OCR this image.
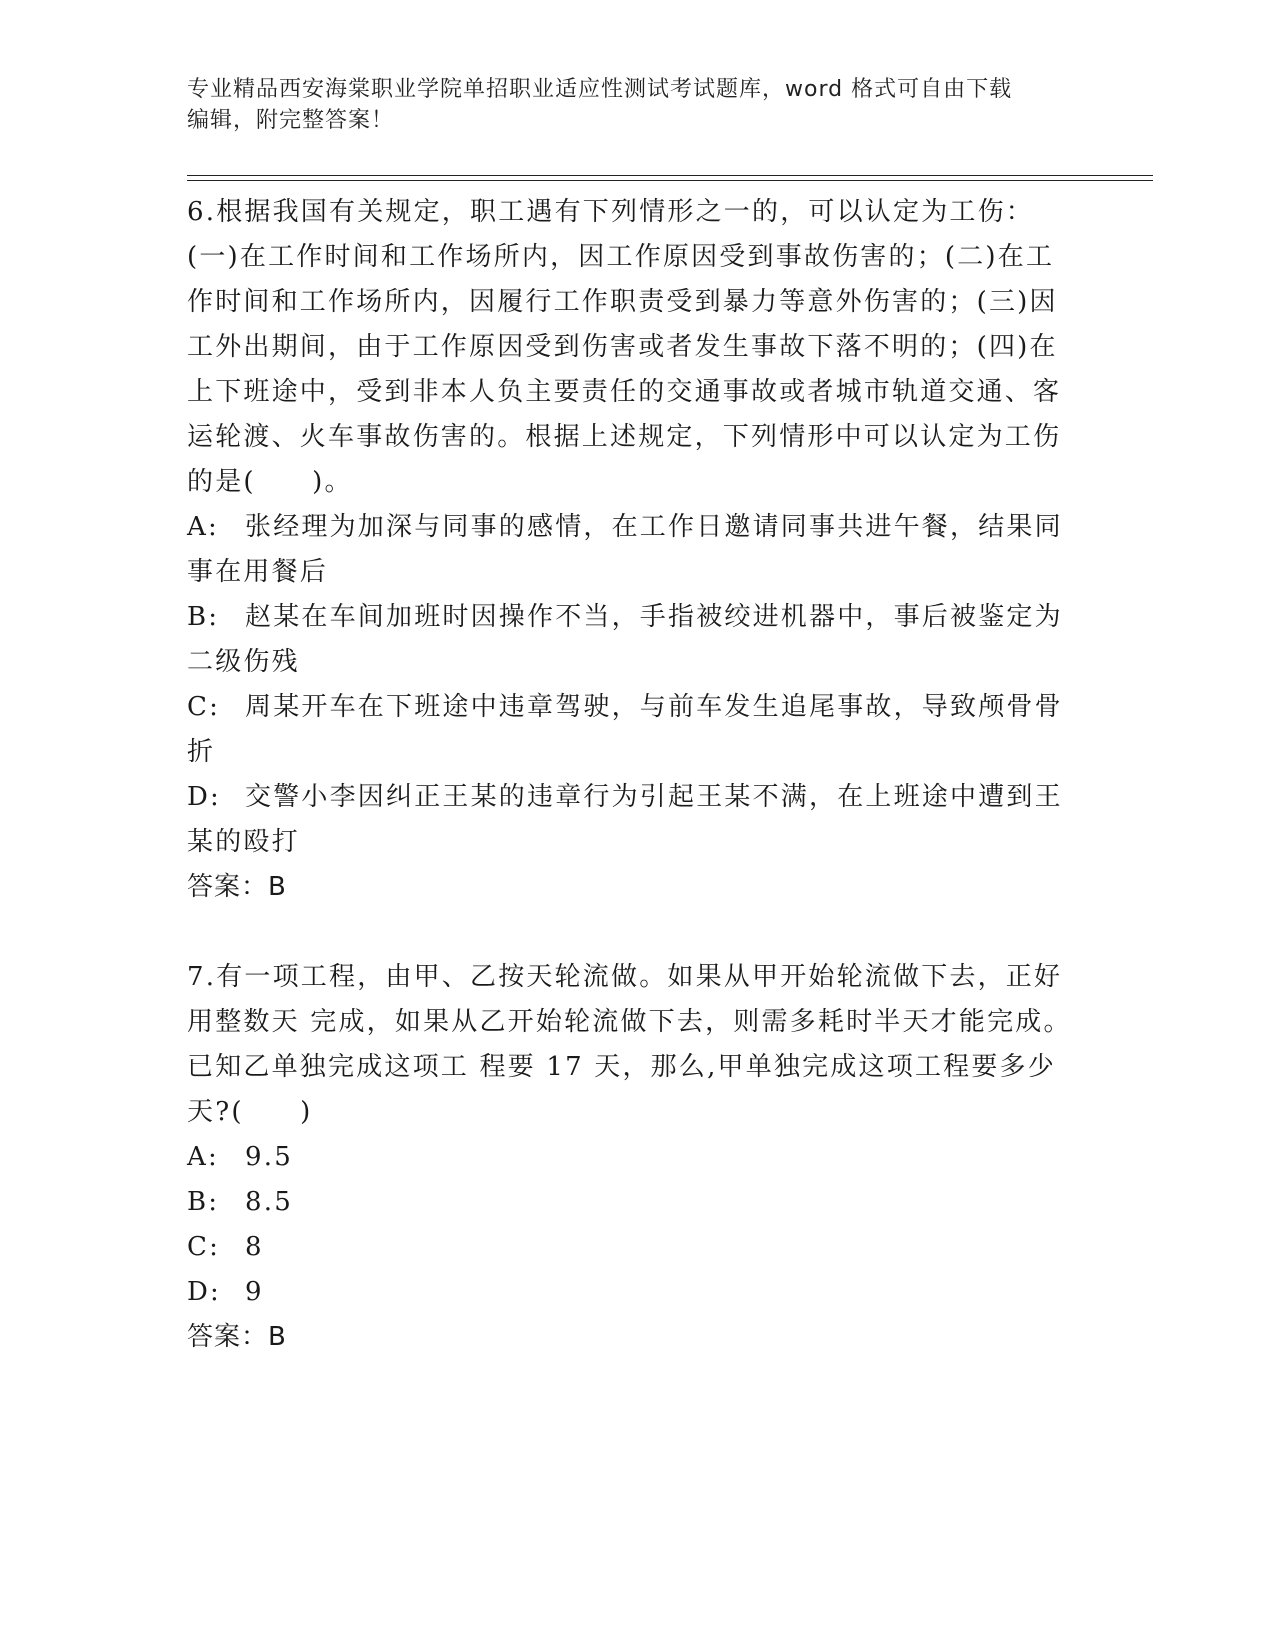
专业精品西安海棠职业学院单招职业适应性测试考试题库，word 格式可自由下载
编辑，附完整答案！

6.根据我国有关规定，职工遇有下列情形之一的，可以认定为工伤：(一)在工作时间和工作场所内，因工作原因受到事故伤害的；(二)在工作时间和工作场所内，因履行工作职责受到暴力等意外伤害的；(三)因工外出期间，由于工作原因受到伤害或者发生事故下落不明的；(四)在上下班途中，受到非本人负主要责任的交通事故或者城市轨道交通、客运轮渡、火车事故伤害的。根据上述规定，下列情形中可以认定为工伤的是(　　)。

A:	张经理为加深与同事的感情，在工作日邀请同事共进午餐，结果同事在用餐后
B: 赵某在车间加班时因操作不当，手指被绞进机器中，事后被鉴定为二级伤残
C: 周某开车在下班途中违章驾驶，与前车发生追尾事故，导致颅骨骨折
D: 交警小李因纠正王某的违章行为引起王某不满，在上班途中遭到王某的殴打

答案：B

7.有一项工程，由甲、乙按天轮流做。如果从甲开始轮流做下去，正好用整数天 完成，如果从乙开始轮流做下去，则需多耗时半天才能完成。已知乙单独完成这项工 程要 17 天，那么,甲单独完成这项工程要多少天?(　　)

A:	9.5
B: 8.5
C: 8
D: 9

答案：B
